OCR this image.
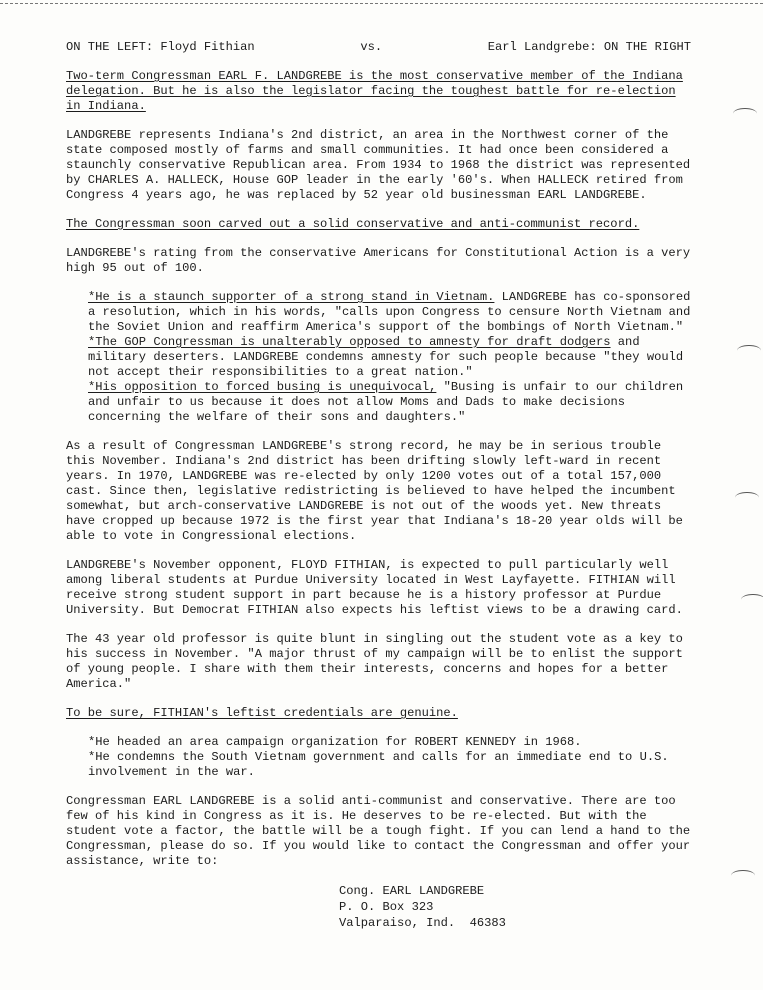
ON THE LEFT: Floyd Fithian	vs.	Earl Landgrebe: ON THE RIGHT

Two-term Congressman EARL F. LANDGREBE is the most conservative member of the Indiana delegation. But he is also the legislator facing the toughest battle for re-election in Indiana.

LANDGREBE represents Indiana's 2nd district, an area in the Northwest corner of the state composed mostly of farms and small communities. It had once been considered a staunchly conservative Republican area. From 1934 to 1968 the district was represented by CHARLES A. HALLECK, House GOP leader in the early '60's. When HALLECK retired from Congress 4 years ago, he was replaced by 52 year old businessman EARL LANDGREBE.

The Congressman soon carved out a solid conservative and anti-communist record.

LANDGREBE's rating from the conservative Americans for Constitutional Action is a very high 95 out of 100.

*He is a staunch supporter of a strong stand in Vietnam. LANDGREBE has co-sponsored a resolution, which in his words, "calls upon Congress to censure North Vietnam and the Soviet Union and reaffirm America's support of the bombings of North Vietnam."

*The GOP Congressman is unalterably opposed to amnesty for draft dodgers and military deserters. LANDGREBE condemns amnesty for such people because "they would not accept their responsibilities to a great nation."

*His opposition to forced busing is unequivocal, "Busing is unfair to our children and unfair to us because it does not allow Moms and Dads to make decisions concerning the welfare of their sons and daughters."

As a result of Congressman LANDGREBE's strong record, he may be in serious trouble this November. Indiana's 2nd district has been drifting slowly left-ward in recent years. In 1970, LANDGREBE was re-elected by only 1200 votes out of a total 157,000 cast. Since then, legislative redistricting is believed to have helped the incumbent somewhat, but arch-conservative LANDGREBE is not out of the woods yet. New threats have cropped up because 1972 is the first year that Indiana's 18-20 year olds will be able to vote in Congressional elections.

LANDGREBE's November opponent, FLOYD FITHIAN, is expected to pull particularly well among liberal students at Purdue University located in West Layfayette. FITHIAN will receive strong student support in part because he is a history professor at Purdue University. But Democrat FITHIAN also expects his leftist views to be a drawing card.

The 43 year old professor is quite blunt in singling out the student vote as a key to his success in November. "A major thrust of my campaign will be to enlist the support of young people. I share with them their interests, concerns and hopes for a better America."

To be sure, FITHIAN's leftist credentials are genuine.

*He headed an area campaign organization for ROBERT KENNEDY in 1968.

*He condemns the South Vietnam government and calls for an immediate end to U.S. involvement in the war.

Congressman EARL LANDGREBE is a solid anti-communist and conservative. There are too few of his kind in Congress as it is. He deserves to be re-elected. But with the student vote a factor, the battle will be a tough fight. If you can lend a hand to the Congressman, please do so. If you would like to contact the Congressman and offer your assistance, write to:

Cong. EARL LANDGREBE
P. O. Box 323
Valparaiso, Ind.  46383
